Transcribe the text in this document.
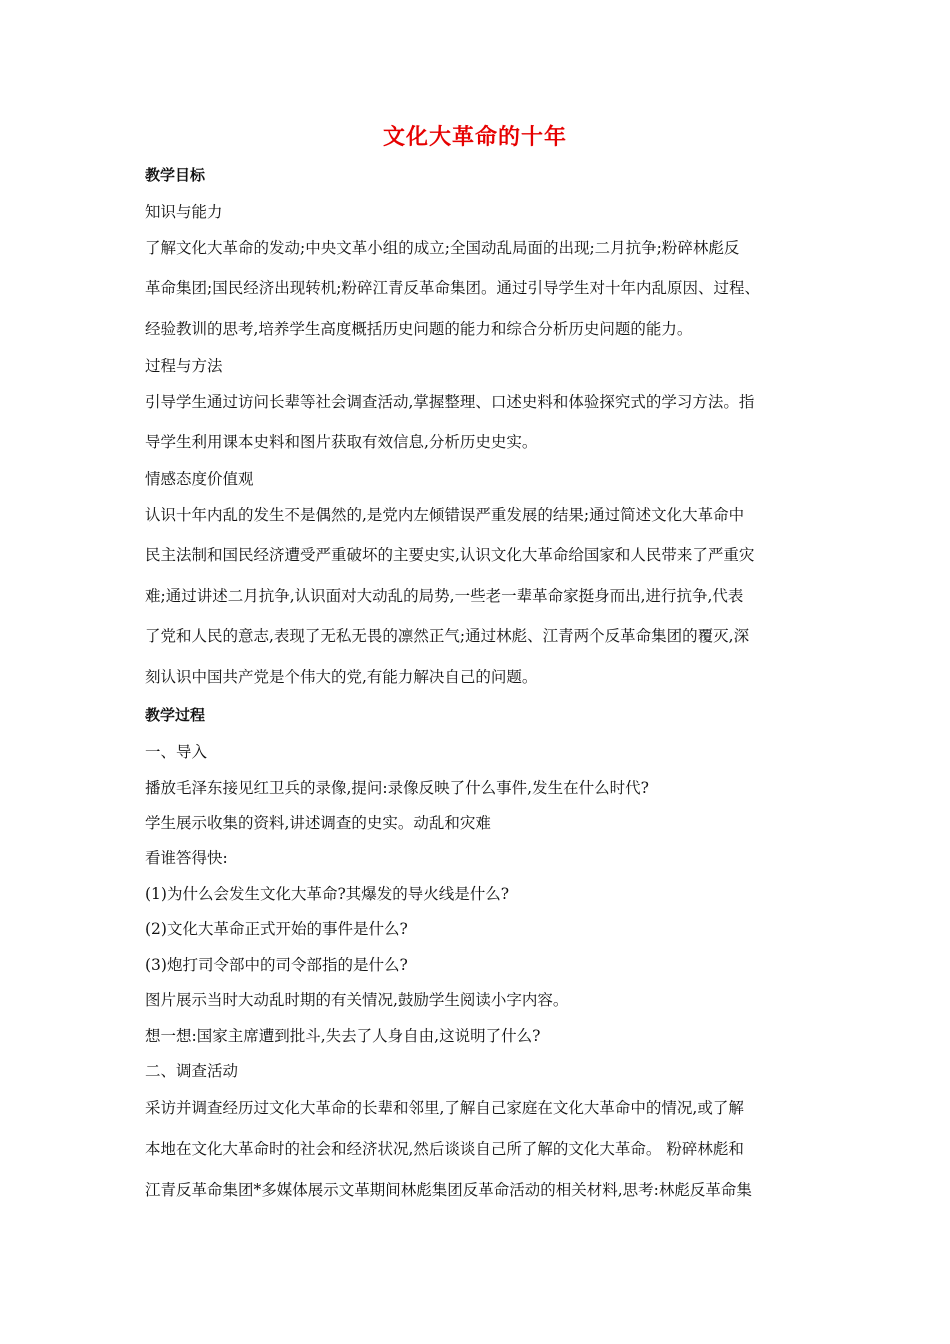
文化大革命的十年
教学目标
知识与能力
了解文化大革命的发动;中央文革小组的成立;全国动乱局面的出现;二月抗争;粉碎林彪反
革命集团;国民经济出现转机;粉碎江青反革命集团。通过引导学生对十年内乱原因、过程、
经验教训的思考,培养学生高度概括历史问题的能力和综合分析历史问题的能力。
过程与方法
引导学生通过访问长辈等社会调查活动,掌握整理、口述史料和体验探究式的学习方法。指
导学生利用课本史料和图片获取有效信息,分析历史史实。
情感态度价值观
认识十年内乱的发生不是偶然的,是党内左倾错误严重发展的结果;通过简述文化大革命中
民主法制和国民经济遭受严重破坏的主要史实,认识文化大革命给国家和人民带来了严重灾
难;通过讲述二月抗争,认识面对大动乱的局势,一些老一辈革命家挺身而出,进行抗争,代表
了党和人民的意志,表现了无私无畏的凛然正气;通过林彪、江青两个反革命集团的覆灭,深
刻认识中国共产党是个伟大的党,有能力解决自己的问题。
教学过程
一、导入
播放毛泽东接见红卫兵的录像,提问:录像反映了什么事件,发生在什么时代?
学生展示收集的资料,讲述调查的史实。动乱和灾难
看谁答得快:
(1)为什么会发生文化大革命?其爆发的导火线是什么?
(2)文化大革命正式开始的事件是什么?
(3)炮打司令部中的司令部指的是什么?
图片展示当时大动乱时期的有关情况,鼓励学生阅读小字内容。
想一想:国家主席遭到批斗,失去了人身自由,这说明了什么?
二、调查活动
采访并调查经历过文化大革命的长辈和邻里,了解自己家庭在文化大革命中的情况,或了解
本地在文化大革命时的社会和经济状况,然后谈谈自己所了解的文化大革命。 粉碎林彪和
江青反革命集团*多媒体展示文革期间林彪集团反革命活动的相关材料,思考:林彪反革命集
